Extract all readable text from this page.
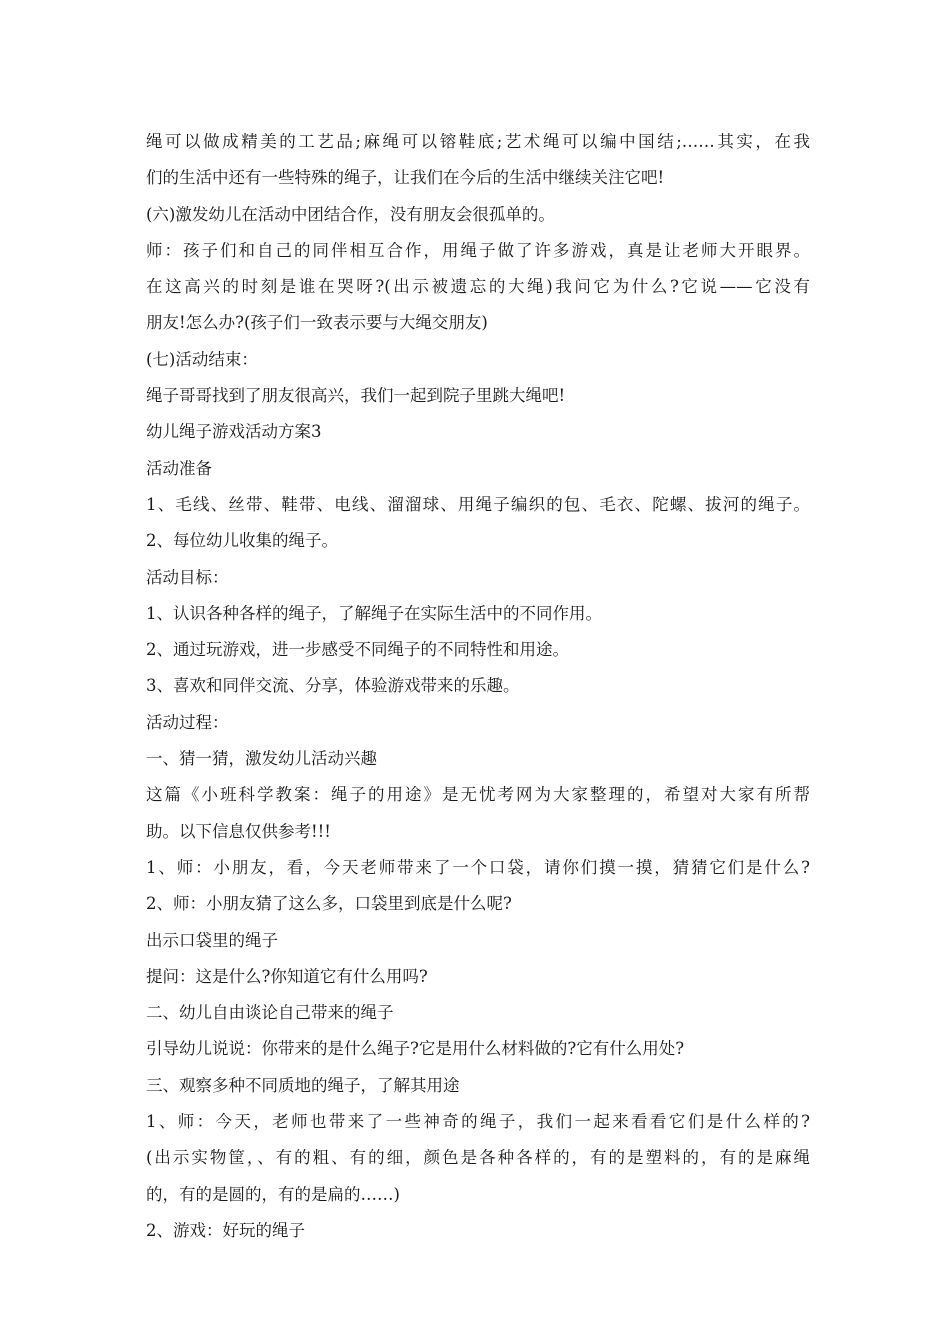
绳可以做成精美的工艺品;麻绳可以镕鞋底;艺术绳可以编中国结;……其实，在我
们的生活中还有一些特殊的绳子，让我们在今后的生活中继续关注它吧!
(六)激发幼儿在活动中团结合作，没有朋友会很孤单的。
师：孩子们和自己的同伴相互合作，用绳子做了许多游戏，真是让老师大开眼界。
在这高兴的时刻是谁在哭呀?(出示被遗忘的大绳)我问它为什么?它说——它没有
朋友!怎么办?(孩子们一致表示要与大绳交朋友)
(七)活动结束：
绳子哥哥找到了朋友很高兴，我们一起到院子里跳大绳吧!
幼儿绳子游戏活动方案3
活动准备
1、毛线、丝带、鞋带、电线、溜溜球、用绳子编织的包、毛衣、陀螺、拔河的绳子。
2、每位幼儿收集的绳子。
活动目标：
1、认识各种各样的绳子，了解绳子在实际生活中的不同作用。
2、通过玩游戏，进一步感受不同绳子的不同特性和用途。
3、喜欢和同伴交流、分享，体验游戏带来的乐趣。
活动过程：
一、猜一猜，激发幼儿活动兴趣
这篇《小班科学教案：绳子的用途》是无忧考网为大家整理的，希望对大家有所帮
助。以下信息仅供参考!!!
1、师：小朋友，看，今天老师带来了一个口袋，请你们摸一摸，猜猜它们是什么?
2、师：小朋友猜了这么多，口袋里到底是什么呢?
出示口袋里的绳子
提问：这是什么?你知道它有什么用吗?
二、幼儿自由谈论自己带来的绳子
引导幼儿说说：你带来的是什么绳子?它是用什么材料做的?它有什么用处?
三、观察多种不同质地的绳子，了解其用途
1、师：今天，老师也带来了一些神奇的绳子，我们一起来看看它们是什么样的?
(出示实物筐，、有的粗、有的细，颜色是各种各样的，有的是塑料的，有的是麻绳
的，有的是圆的，有的是扁的……)
2、游戏：好玩的绳子
